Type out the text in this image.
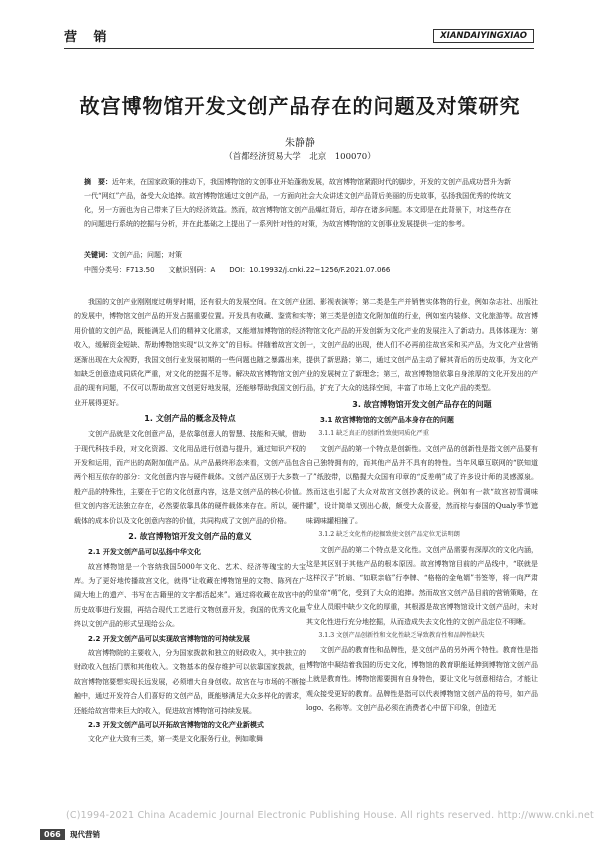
营 销	XIANDAIYINGXIAO
故宫博物馆开发文创产品存在的问题及对策研究
朱静静
（首都经济贸易大学　北京　100070）
摘　要：近年来，在国家政策的推动下，我国博物馆的文创事业开始蓬勃发展，故宫博物馆紧跟时代的脚步，开发的文创产品成功晋升为新一代“网红”产品，备受大众追捧。故宫博物馆通过文创产品，一方面向社会大众讲述文创产品背后美丽的历史故事，弘扬我国优秀的传统文化，另一方面也为自己带来了巨大的经济效益。然而，故宫博物馆文创产品爆红背后，却存在诸多问题。本文即是在此背景下，对这些存在的问题进行系统的挖掘与分析，并在此基础之上提出了一系列针对性的对策，为故宫博物馆的文创事业发展提供一定的参考。
关键词：文创产品；问题；对策
中图分类号：F713.50　　文献识别码：A　　DOI：10.19932/j.cnki.22−1256/F.2021.07.066

我国的文创产业刚刚度过萌芽时期，还有很大的发展空间。在文创产业的发展中，博物馆文创产品的开发占据重要位置。开发具有收藏、鉴赏和实用价值的文创产品，既能满足人们的精神文化需求，又能增加博物馆的经济收入，缓解资金短缺、帮助博物馆实现“以文养文”的目标。伴随着故宫文创逐渐出现在大众视野，我国文创行业发展初期的一些问题也随之暴露出来，如缺乏创意造成同质化严重，对文化的挖掘不足等。解决故宫博物馆文创产品的现有问题，不仅可以帮助故宫文创更好地发展，还能够帮助我国文创行业开展得更好。

1. 文创产品的概念及特点

文创产品就是文化创意产品，是依靠创意人的智慧、技能和天赋，借助于现代科技手段，对文化资源、文化用品进行创造与提升，通过知识产权的开发和运用，而产出的高附加值产品。从产品最终形态来看，文创产品包含两个相互依存的部分：文化创意内容与硬件载体。文创产品区别于大多数一般产品的特殊性，主要在于它的文化创意内容，这是文创产品的核心价值。但文创内容无法独立存在，必然要依靠具体的硬件载体来存在。所以，硬件载体的成本价以及文化创意内容的价值，共同构成了文创产品的价格。

2. 故宫博物馆开发文创产品的意义
2.1 开发文创产品可以弘扬中华文化

故宫博物馆是一个容纳我国5000年文化、艺术、经济等瑰宝的大宝库。为了更好地传播故宫文化，就得“让收藏在博物馆里的文物、陈列在广阔大地上的遗产、书写在古籍里的文字都活起来”。通过将收藏在故宫中的历史故事进行发掘，再结合现代工艺进行文物创意开发，我国的优秀文化最终以文创产品的形式呈现给公众。

2.2 开发文创产品可以实现故宫博物馆的可持续发展

故宫博物院的主要收入，分为国家拨款和独立的财政收入，其中独立的财政收入包括门票和其他收入。文物基本的保存维护可以依靠国家拨款，但故宫博物馆要想实现长远发展，必须增大自身创收。故宫在与市场的不断接触中，通过开发符合人们喜好的文创产品，既能够满足大众多样化的需求，还能给故宫带来巨大的收入，促进故宫博物馆可持续发展。

2.3 开发文创产品可以开拓故宫博物馆的文化产业新模式

文化产业大致有三类，第一类是文化服务行业，例如歌舞

团、影视表演等；第二类是生产并销售实体物的行业，例如杂志社、出版社等；第三类是创造文化附加值的行业，例如室内装修、文化旅游等。故宫博物馆文化产品的开发创新为文化产业的发展注入了新动力。具体体现为：第一，文创产品的出现，使人们不必再前往故宫采和买产品，为文化产业营销提供了新思路；第二，通过文创产品主动了解其背后的历史故事，为文化产业的发展树立了新理念；第三，故宫博物馆依靠自身浓厚的文化开发出的产品，扩充了大众的选择空间，丰富了市场上文化产品的类型。

3. 故宫博物馆开发文创产品存在的问题
3.1 故宫博物馆的文创产品本身存在的问题
3.1.1 缺乏真正的创新性致使同质化严重

文创产品的第一个特点是创新性。文创产品的创新性是指文创产品要有自己独特拥有的，而其他产品并不具有的特性。当年风靡互联网的“朕知道了”纸胶带，以酷握大众国有印章的“反差萌”成了许多设计师的灵感源泉。然而这也引起了大众对故宫文创抄袭的议论。例如有一款“故宫初雪调味罐”，设计简单又别出心裁，颇受大众喜爱，然而棕与泰国的Qualy季节遮味调味罐相撞了。

3.1.2 缺乏文化性的挖掘致使文创产品定位无法明朗

文创产品的第二个特点是文化性。文创产品需要有深厚次的文化内涵，这是其区别于其他产品的根本原因。故宫博物馆目前的产品线中，“联就是这样汉子”折扇、“如联亲临”行李牌、“格格的金龟婿”书签等，将一向严肃的皇帝“萌”化，受到了大众的追捧。然而故宫文创产品目前的营销策略，在专业人员眼中缺少文化的厚重，其根源是故宫博物馆设计文创产品时，未对其文化性进行充分地挖掘，从而造成失去文化性的文创产品定位不明晰。

3.1.3 文创产品创新性和文化性缺乏导致教育性和品牌性缺失

文创产品的教育性和品牌性，是文创产品的另外两个特性。教育性是指博物馆中凝结着我国的历史文化，博物馆的教育职能延伸到博物馆文创产品上就是教育性。博物馆需要拥有自身特色，要让文化与创意相结合，才能让观众接受更好的教育。品牌性是指可以代表博物馆文创产品的符号，如产品logo、名称等。文创产品必须在消费者心中留下印象，创造无

(C)1994-2021 China Academic Journal Electronic Publishing House. All rights reserved. http://www.cnki.net
066	现代营销
